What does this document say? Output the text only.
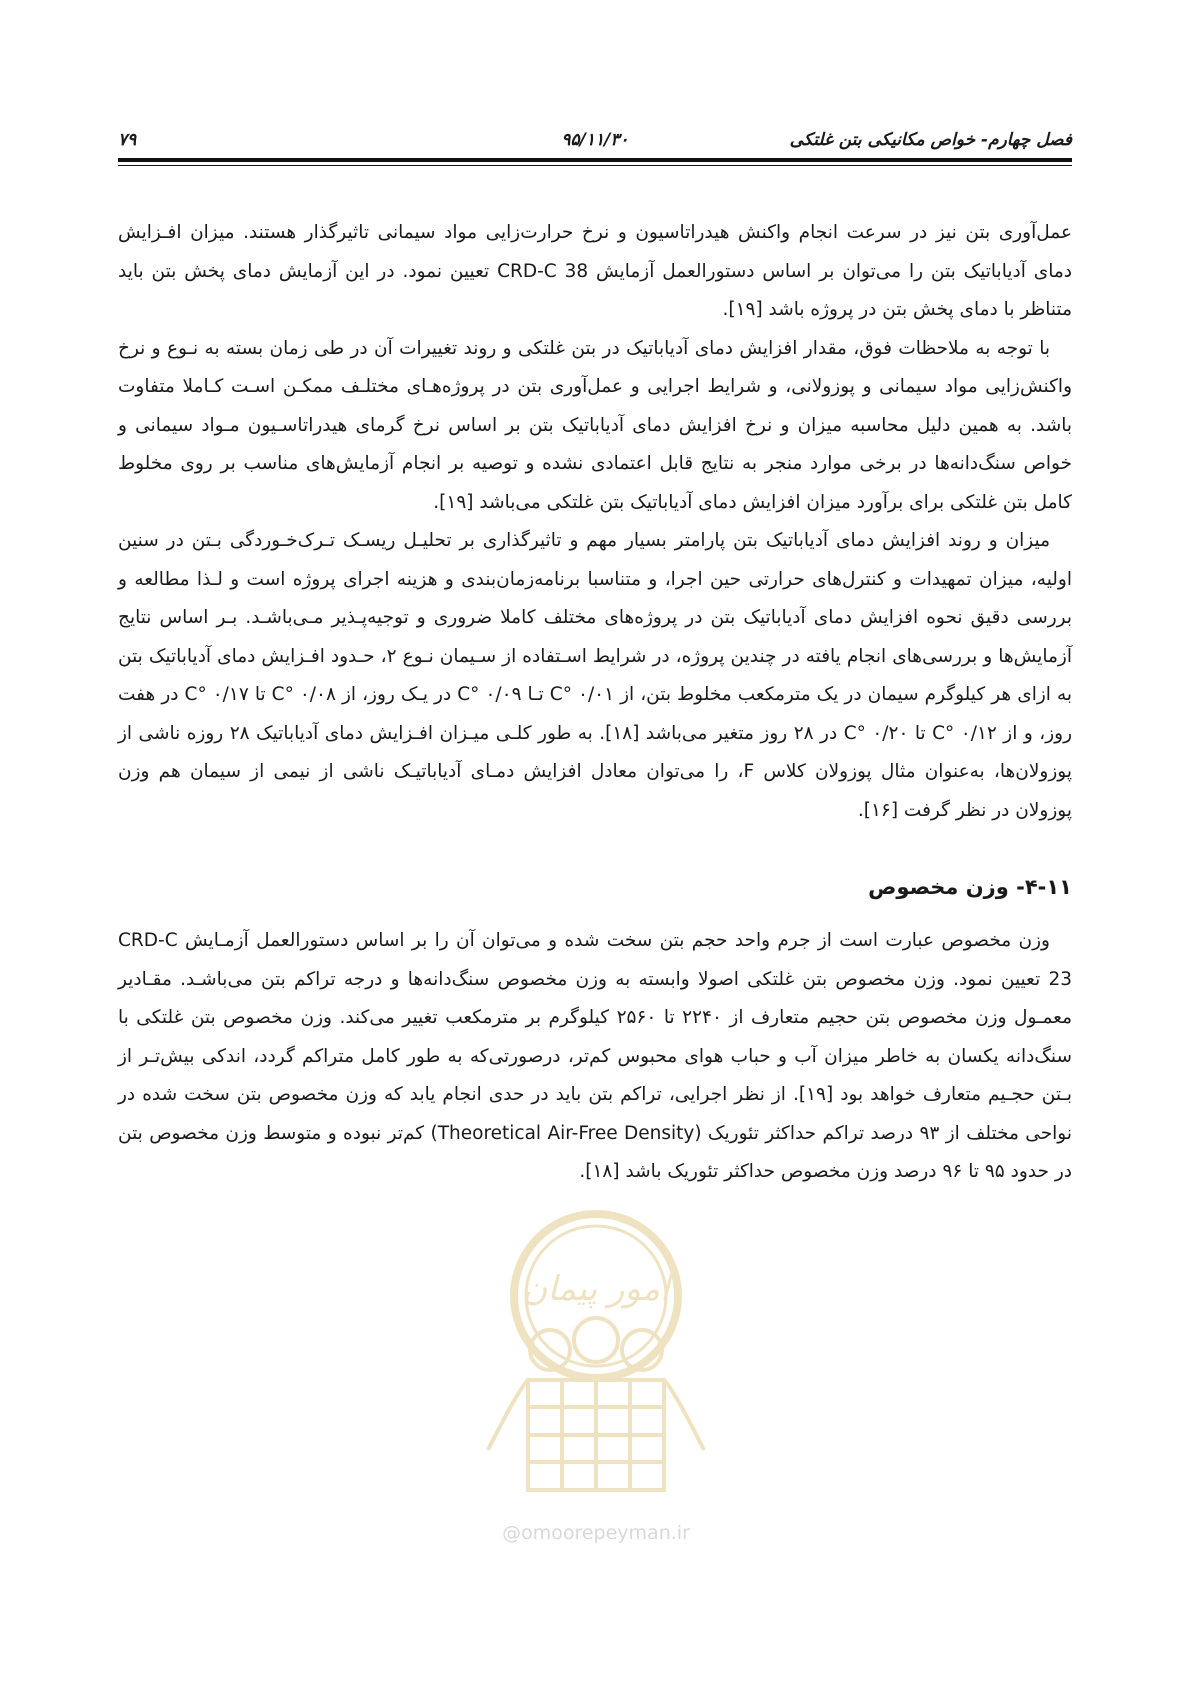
فصل چهارم- خواص مکانیکی بتن غلتکی
۹۵/۱۱/۳۰
۷۹

عمل‌آوری بتن نیز در سرعت انجام واکنش هیدراتاسیون و نرخ حرارت‌زایی مواد سیمانی تاثیرگذار هستند. میزان افـزایش دمای آدیاباتیک بتن را می‌توان بر اساس دستورالعمل آزمایش CRD-C 38 تعیین نمود. در این آزمایش دمای پخش بتن باید متناظر با دمای پخش بتن در پروژه باشد [۱۹].

با توجه به ملاحظات فوق، مقدار افزایش دمای آدیاباتیک در بتن غلتکی و روند تغییرات آن در طی زمان بسته به نـوع و نرخ واکنش‌زایی مواد سیمانی و پوزولانی، و شرایط اجرایی و عمل‌آوری بتن در پروژه‌هـای مختلـف ممکـن اسـت کـاملا متفاوت باشد. به همین دلیل محاسبه میزان و نرخ افزایش دمای آدیاباتیک بتن بر اساس نرخ گرمای هیدراتاسـیون مـواد سیمانی و خواص سنگ‌دانه‌ها در برخی موارد منجر به نتایج قابل اعتمادی نشده و توصیه بر انجام آزمایش‌های مناسب بر روی مخلوط کامل بتن غلتکی برای برآورد میزان افزایش دمای آدیاباتیک بتن غلتکی می‌باشد [۱۹].

میزان و روند افزایش دمای آدیاباتیک بتن پارامتر بسیار مهم و تاثیرگذاری بر تحلیـل ریسـک تـرک‌خـوردگی بـتن در سنین اولیه، میزان تمهیدات و کنترل‌های حرارتی حین اجرا، و متناسبا برنامه‌زمان‌بندی و هزینه اجرای پروژه است و لـذا مطالعه و بررسی دقیق نحوه افزایش دمای آدیاباتیک بتن در پروژه‌های مختلف کاملا ضروری و توجیه‌پـذیر مـی‌باشـد. بـر اساس نتایج آزمایش‌ها و بررسی‌های انجام یافته در چندین پروژه، در شرایط اسـتفاده از سـیمان نـوع ۲، حـدود افـزایش دمای آدیاباتیک بتن به ازای هر کیلوگرم سیمان در یک مترمکعب مخلوط بتن، از ۰/۰۱ °C تـا ۰/۰۹ °C در یـک روز، از ۰/۰۸ °C تا ۰/۱۷ °C در هفت روز، و از ۰/۱۲ °C تا ۰/۲۰ °C در ۲۸ روز متغیر می‌باشد [۱۸]. به طور کلـی میـزان افـزایش دمای آدیاباتیک ۲۸ روزه ناشی از پوزولان‌ها، به‌عنوان مثال پوزولان کلاس F، را می‌توان معادل افزایش دمـای آدیاباتیـک ناشی از نیمی از سیمان هم وزن پوزولان در نظر گرفت [۱۶].

۴-۱۱- وزن مخصوص

وزن مخصوص عبارت است از جرم واحد حجم بتن سخت شده و می‌توان آن را بر اساس دستورالعمل آزمـایش CRD-C 23 تعیین نمود. وزن مخصوص بتن غلتکی اصولا وابسته به وزن مخصوص سنگ‌دانه‌ها و درجه تراکم بتن می‌باشـد. مقـادیر معمـول وزن مخصوص بتن حجیم متعارف از ۲۲۴۰ تا ۲۵۶۰ کیلوگرم بر مترمکعب تغییر می‌کند. وزن مخصوص بتن غلتکی با سنگ‌دانه یکسان به خاطر میزان آب و حباب هوای محبوس کم‌تر، درصورتی‌که به طور کامل متراکم گردد، اندکی بیش‌تـر از بـتن حجـیم متعارف خواهد بود [۱۹]. از نظر اجرایی، تراکم بتن باید در حدی انجام یابد که وزن مخصوص بتن سخت شده در نواحی مختلف از ۹۳ درصد تراکم حداکثر تئوریک (Theoretical Air-Free Density) کم‌تر نبوده و متوسط وزن مخصوص بتن در حدود ۹۵ تا ۹۶ درصد وزن مخصوص حداکثر تئوریک باشد [۱۸].

امور پیمان
@omoorepeyman.ir
